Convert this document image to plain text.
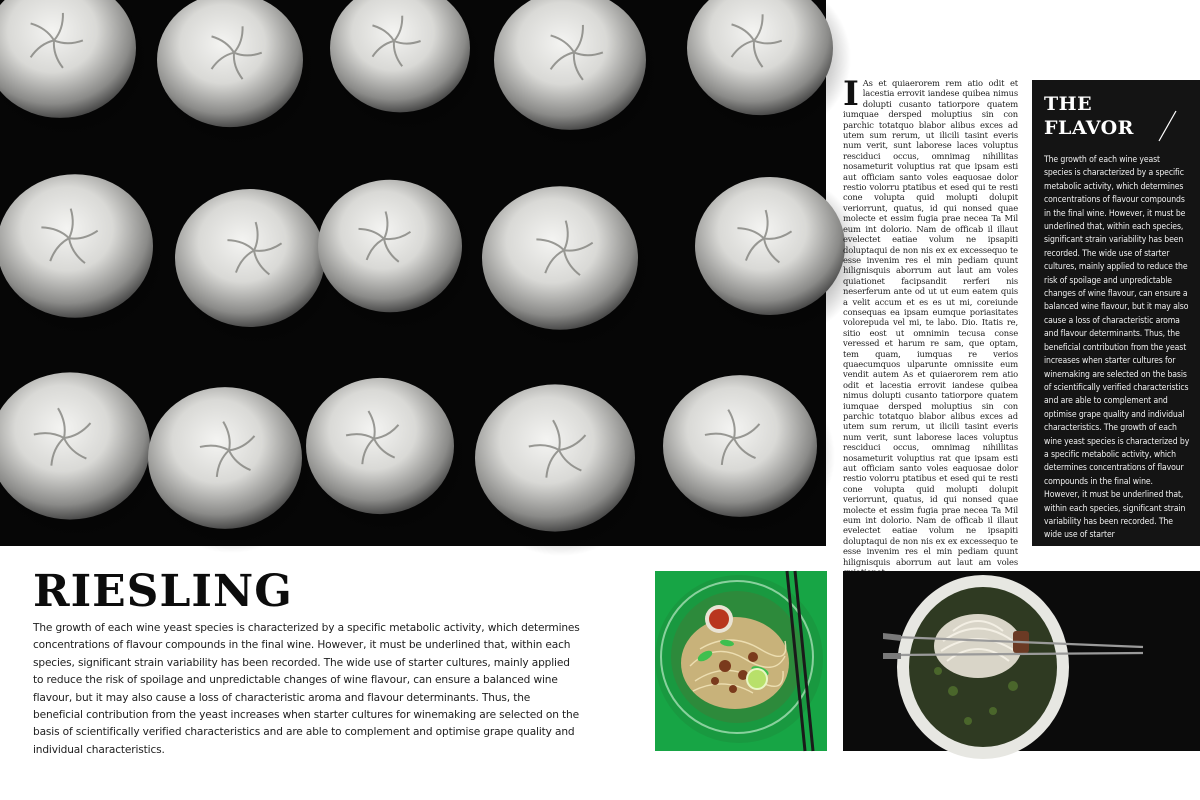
I As et quiaerorem rem atio odit et lacestia errovit iandese quibea nimus dolupti cusanto tatiorpore quatem iumquae dersped moluptius sin con parchic totatquo blabor alibus exces ad utem sum rerum, ut ilicili tasint everis num verit, sunt laborese laces voluptus resciduci occus, omnimag nihillitas nosameturit voluptius rat que ipsam esti aut officiam santo voles eaquosae dolor restio volorru ptatibus et esed qui te resti cone volupta quid molupti dolupit veriorrunt, quatus, id qui nonsed quae molecte et essim fugia prae necea Ta Mil eum int dolorio. Nam de officab il illaut evelectet eatiae volum ne ipsapiti doluptaqui de non nis ex ex excessequo te esse invenim res el min pediam quunt hilignisquis aborrum aut laut am voles quiationet facipsandit rerferi nis neserferum ante od ut ut eum eatem quis a velit accum et es es ut mi, coreiunde consequas ea ipsam eumque poriasitates volorepuda vel mi, te labo. Dio. Itatis re, sitio eost ut omnimin tecusa conse veressed et harum re sam, que optam, tem quam, iumquas re verios quaecumquos ulparunte omnissite eum vendit autem As et quiaerorem rem atio odit et lacestia errovit iandese quibea nimus dolupti cusanto tatiorpore quatem iumquae dersped moluptius sin con parchic totatquo blabor alibus exces ad utem sum rerum, ut ilicili tasint everis num verit, sunt laborese laces voluptus resciduci occus, omnimag nihillitas nosameturit voluptius rat que ipsam esti aut officiam santo voles eaquosae dolor restio volorru ptatibus et esed qui te resti cone volupta quid molupti dolupit veriorrunt, quatus, id qui nonsed quae molecte et essim fugia prae necea Ta Mil eum int dolorio. Nam de officab il illaut evelectet eatiae volum ne ipsapiti doluptaqui de non nis ex ex excessequo te esse invenim res el min pediam quunt hilignisquis aborrum aut laut am voles
THE
FLAVOR
The growth of each wine yeast species is characterized by a specific metabolic activity, which determines concentrations of flavour compounds in the final wine. However, it must be underlined that, within each species, significant strain variability has been recorded. The wide use of starter cultures, mainly applied to reduce the risk of spoilage and unpredictable changes of wine flavour, can ensure a balanced wine flavour, but it may also cause a loss of characteristic aroma and flavour determinants. Thus, the beneficial contribution from the yeast increases when starter cultures for winemaking are selected on the basis of scientifically verified characteristics and are able to complement and optimise grape quality and individual characteristics. The growth of each wine yeast species is characterized by a specific metabolic activity, which determines concentrations of flavour compounds in the final wine. However, it must be underlined that, within each species, significant strain variability has been recorded. The wide use of starter
RIESLING
The growth of each wine yeast species is characterized by a specific metabolic activity, which determines concentrations of flavour compounds in the final wine. However, it must be underlined that, within each species, significant strain variability has been recorded. The wide use of starter cultures, mainly applied to reduce the risk of spoilage and unpredictable changes of wine flavour, can ensure a balanced wine flavour, but it may also cause a loss of characteristic aroma and flavour determinants. Thus, the beneficial contribution from the yeast increases when starter cultures for winemaking are selected on the basis of scientifically verified characteristics and are able to complement and optimise grape quality and individual characteristics.
